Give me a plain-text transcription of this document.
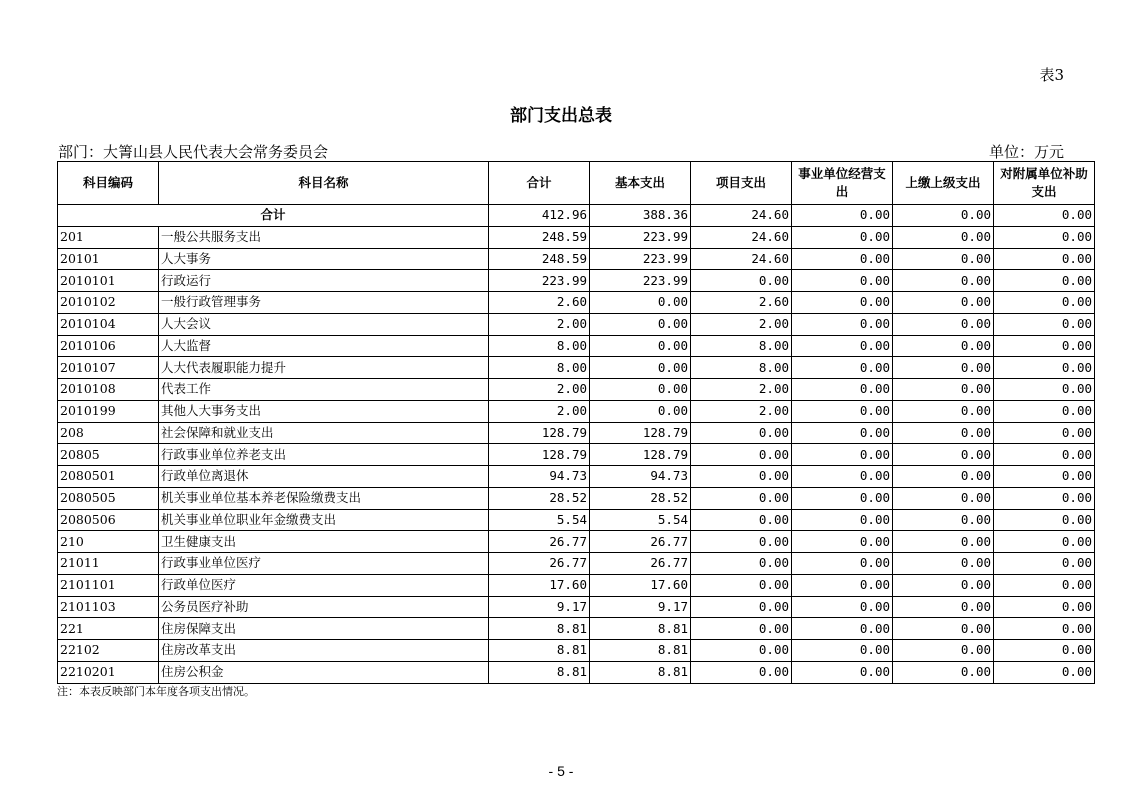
表3
部门支出总表
部门：大箐山县人民代表大会常务委员会	单位：万元
科目编码	科目名称	合计	基本支出	项目支出	事业单位经营支出	上缴上级支出	对附属单位补助支出
合计		412.96	388.36	24.60	0.00	0.00	0.00
201	一般公共服务支出	248.59	223.99	24.60	0.00	0.00	0.00
20101	人大事务	248.59	223.99	24.60	0.00	0.00	0.00
2010101	行政运行	223.99	223.99	0.00	0.00	0.00	0.00
2010102	一般行政管理事务	2.60	0.00	2.60	0.00	0.00	0.00
2010104	人大会议	2.00	0.00	2.00	0.00	0.00	0.00
2010106	人大监督	8.00	0.00	8.00	0.00	0.00	0.00
2010107	人大代表履职能力提升	8.00	0.00	8.00	0.00	0.00	0.00
2010108	代表工作	2.00	0.00	2.00	0.00	0.00	0.00
2010199	其他人大事务支出	2.00	0.00	2.00	0.00	0.00	0.00
208	社会保障和就业支出	128.79	128.79	0.00	0.00	0.00	0.00
20805	行政事业单位养老支出	128.79	128.79	0.00	0.00	0.00	0.00
2080501	行政单位离退休	94.73	94.73	0.00	0.00	0.00	0.00
2080505	机关事业单位基本养老保险缴费支出	28.52	28.52	0.00	0.00	0.00	0.00
2080506	机关事业单位职业年金缴费支出	5.54	5.54	0.00	0.00	0.00	0.00
210	卫生健康支出	26.77	26.77	0.00	0.00	0.00	0.00
21011	行政事业单位医疗	26.77	26.77	0.00	0.00	0.00	0.00
2101101	行政单位医疗	17.60	17.60	0.00	0.00	0.00	0.00
2101103	公务员医疗补助	9.17	9.17	0.00	0.00	0.00	0.00
221	住房保障支出	8.81	8.81	0.00	0.00	0.00	0.00
22102	住房改革支出	8.81	8.81	0.00	0.00	0.00	0.00
2210201	住房公积金	8.81	8.81	0.00	0.00	0.00	0.00
注：本表反映部门本年度各项支出情况。
- 5 -
